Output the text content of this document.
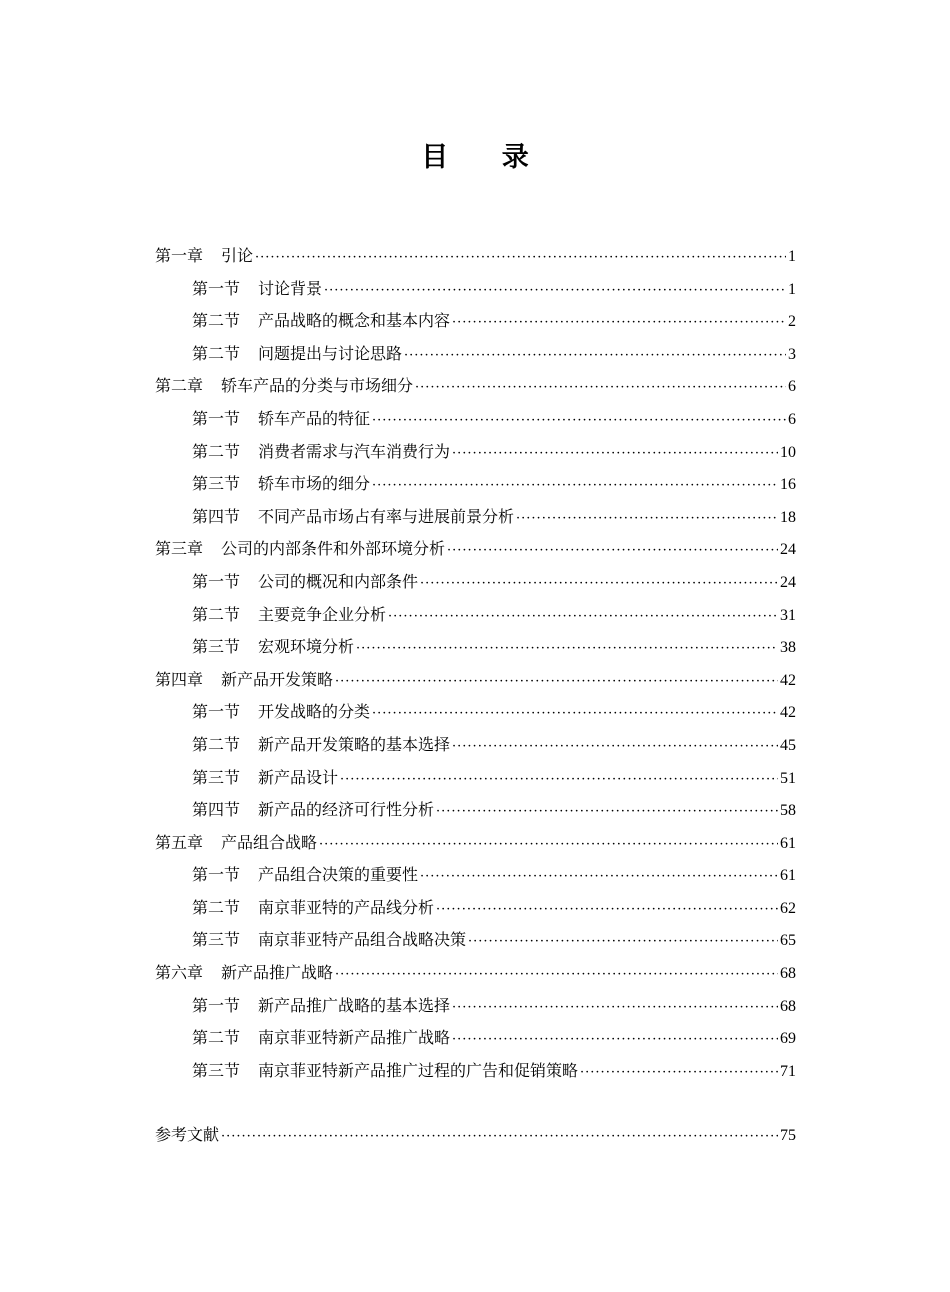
目 录
第一章 引论 ·····	1
第一节 讨论背景 ·····	1
第二节 产品战略的概念和基本内容 ·····	2
第二节 问题提出与讨论思路 ·····	3
第二章 轿车产品的分类与市场细分 ·····	6
第一节 轿车产品的特征 ·····	6
第二节 消费者需求与汽车消费行为 ·····	10
第三节 轿车市场的细分 ·····	16
第四节 不同产品市场占有率与进展前景分析 ·····	18
第三章 公司的内部条件和外部环境分析 ·····	24
第一节 公司的概况和内部条件 ·····	24
第二节 主要竞争企业分析 ·····	31
第三节 宏观环境分析 ·····	38
第四章 新产品开发策略 ·····	42
第一节 开发战略的分类 ·····	42
第二节 新产品开发策略的基本选择 ·····	45
第三节 新产品设计 ·····	51
第四节 新产品的经济可行性分析 ·····	58
第五章 产品组合战略 ·····	61
第一节 产品组合决策的重要性 ·····	61
第二节 南京菲亚特的产品线分析 ·····	62
第三节 南京菲亚特产品组合战略决策 ·····	65
第六章 新产品推广战略 ·····	68
第一节 新产品推广战略的基本选择 ·····	68
第二节 南京菲亚特新产品推广战略 ·····	69
第三节 南京菲亚特新产品推广过程的广告和促销策略 ·····	71
参考文献 ·····	75
